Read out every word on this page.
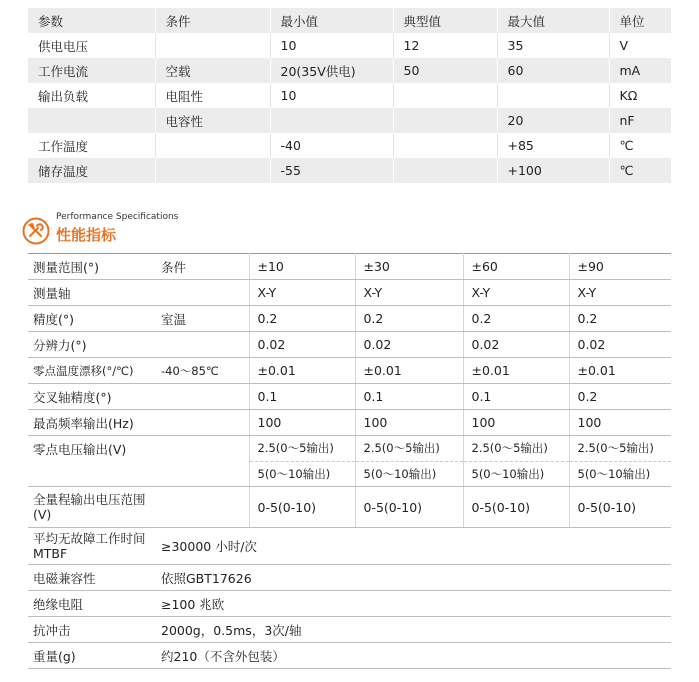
参数	条件	最小值	典型值	最大值	单位
供电电压		10	12	35	V
工作电流	空载	20(35V供电)	50	60	mA
输出负载	电阻性	10			KΩ
	电容性			20	nF
工作温度		-40		+85	℃
储存温度		-55		+100	℃
Performance Specifications
性能指标
测量范围(°)	条件	±10	±30	±60	±90
测量轴		X-Y	X-Y	X-Y	X-Y
精度(°)	室温	0.2	0.2	0.2	0.2
分辨力(°)		0.02	0.02	0.02	0.02
零点温度漂移(°/℃)	-40～85℃	±0.01	±0.01	±0.01	±0.01
交叉轴精度(°)		0.1	0.1	0.1	0.2
最高频率输出(Hz)		100	100	100	100
零点电压输出(V)		2.5(0～5输出)	2.5(0～5输出)	2.5(0～5输出)	2.5(0～5输出)
		5(0～10输出)	5(0～10输出)	5(0～10输出)	5(0～10输出)
全量程输出电压范围(V)		0-5(0-10)	0-5(0-10)	0-5(0-10)	0-5(0-10)
平均无故障工作时间MTBF	≥30000 小时/次				
电磁兼容性	依照GBT17626				
绝缘电阻	≥100 兆欧				
抗冲击	2000g，0.5ms，3次/轴				
重量(g)	约210（不含外包装）				
